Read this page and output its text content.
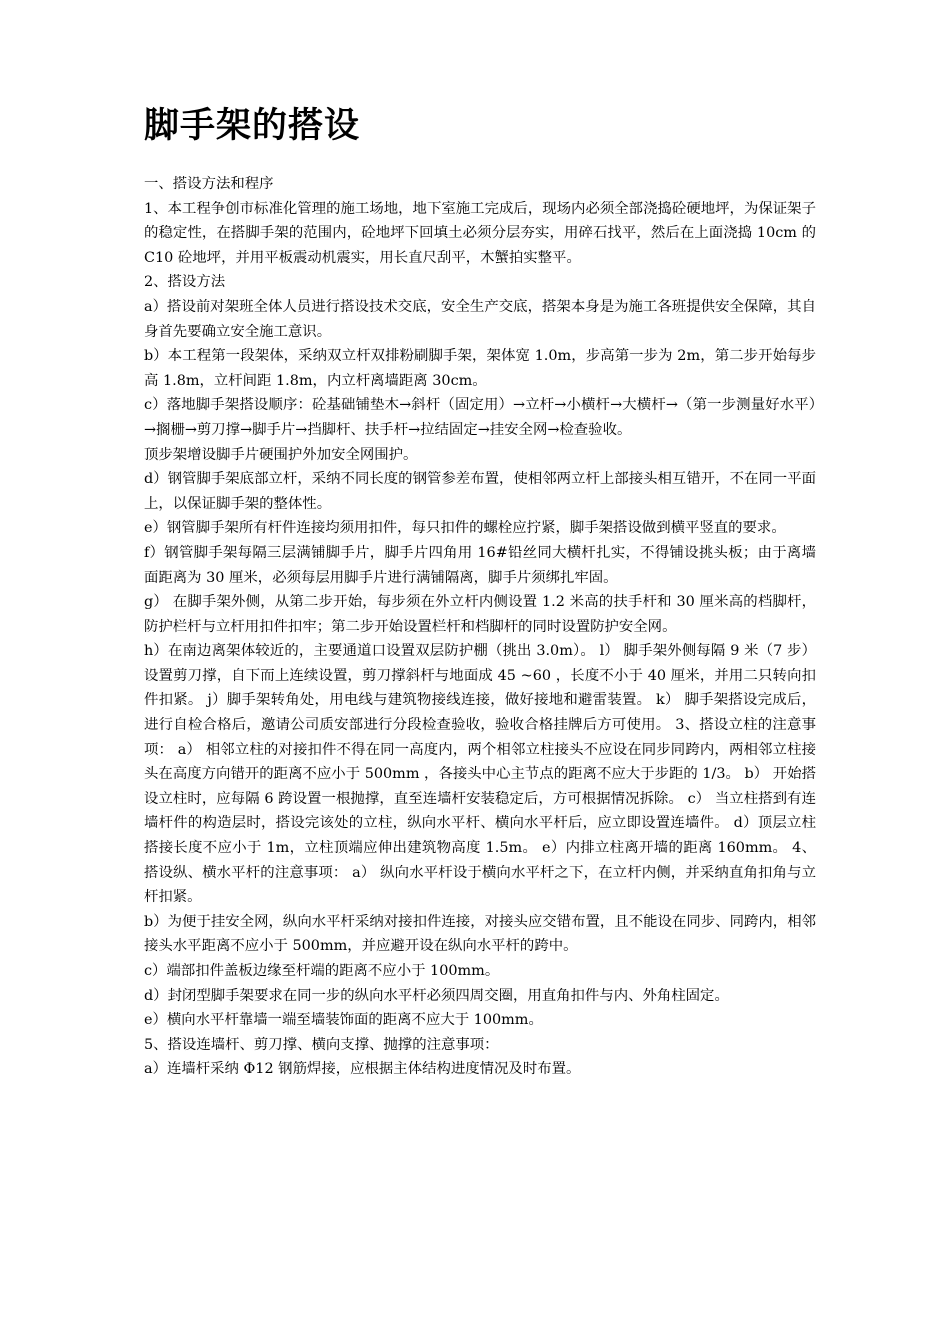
脚手架的搭设

一、搭设方法和程序

1、本工程争创市标准化管理的施工场地，地下室施工完成后，现场内必须全部浇捣砼硬地坪，为保证架子的稳定性，在搭脚手架的范围内，砼地坪下回填土必须分层夯实，用碎石找平，然后在上面浇捣 10cm 的 C10 砼地坪，并用平板震动机震实，用长直尺刮平，木蟹拍实整平。

2、搭设方法

a）搭设前对架班全体人员进行搭设技术交底，安全生产交底，搭架本身是为施工各班提供安全保障，其自身首先要确立安全施工意识。

b）本工程第一段架体，采纳双立杆双排粉刷脚手架，架体宽 1.0m，步高第一步为 2m，第二步开始每步高 1.8m，立杆间距 1.8m，内立杆离墙距离 30cm。

c）落地脚手架搭设顺序：砼基础铺垫木→斜杆（固定用）→立杆→小横杆→大横杆→（第一步测量好水平）→搁栅→剪刀撑→脚手片→挡脚杆、扶手杆→拉结固定→挂安全网→检查验收。

顶步架增设脚手片硬围护外加安全网围护。

d）钢管脚手架底部立杆，采纳不同长度的钢管参差布置，使相邻两立杆上部接头相互错开，不在同一平面上，以保证脚手架的整体性。

e）钢管脚手架所有杆件连接均须用扣件，每只扣件的螺栓应拧紧，脚手架搭设做到横平竖直的要求。

f）钢管脚手架每隔三层满铺脚手片，脚手片四角用 16#铅丝同大横杆扎实，不得铺设挑头板；由于离墙面距离为 30 厘米，必须每层用脚手片进行满铺隔离，脚手片须绑扎牢固。

g） 在脚手架外侧，从第二步开始，每步须在外立杆内侧设置 1.2 米高的扶手杆和 30 厘米高的档脚杆，防护栏杆与立杆用扣件扣牢；第二步开始设置栏杆和档脚杆的同时设置防护安全网。

h）在南边离架体较近的，主要通道口设置双层防护棚（挑出 3.0m）。 l） 脚手架外侧每隔 9 米（7 步）设置剪刀撑，自下而上连续设置，剪刀撑斜杆与地面成 45 ~60 ，长度不小于 40 厘米，并用二只转向扣件扣紧。 j）脚手架转角处，用电线与建筑物接线连接，做好接地和避雷装置。 k） 脚手架搭设完成后，进行自检合格后，邀请公司质安部进行分段检查验收，验收合格挂牌后方可使用。 3、搭设立柱的注意事项： a） 相邻立柱的对接扣件不得在同一高度内，两个相邻立柱接头不应设在同步同跨内，两相邻立柱接头在高度方向错开的距离不应小于 500mm ，各接头中心主节点的距离不应大于步距的 1/3。 b） 开始搭设立柱时，应每隔 6 跨设置一根抛撑，直至连墙杆安装稳定后，方可根据情况拆除。 c） 当立柱搭到有连墙杆件的构造层时，搭设完该处的立柱，纵向水平杆、横向水平杆后，应立即设置连墙件。 d）顶层立柱搭接长度不应小于 1m，立柱顶端应伸出建筑物高度 1.5m。 e）内排立柱离开墙的距离 160mm。 4、搭设纵、横水平杆的注意事项： a） 纵向水平杆设于横向水平杆之下，在立杆内侧，并采纳直角扣角与立杆扣紧。

b）为便于挂安全网，纵向水平杆采纳对接扣件连接，对接头应交错布置，且不能设在同步、同跨内，相邻接头水平距离不应小于 500mm，并应避开设在纵向水平杆的跨中。

c）端部扣件盖板边缘至杆端的距离不应小于 100mm。

d）封闭型脚手架要求在同一步的纵向水平杆必须四周交圈，用直角扣件与内、外角柱固定。

e）横向水平杆靠墙一端至墙装饰面的距离不应大于 100mm。

5、搭设连墙杆、剪刀撑、横向支撑、抛撑的注意事项：

a）连墙杆采纳 Φ12 钢筋焊接，应根据主体结构进度情况及时布置。
